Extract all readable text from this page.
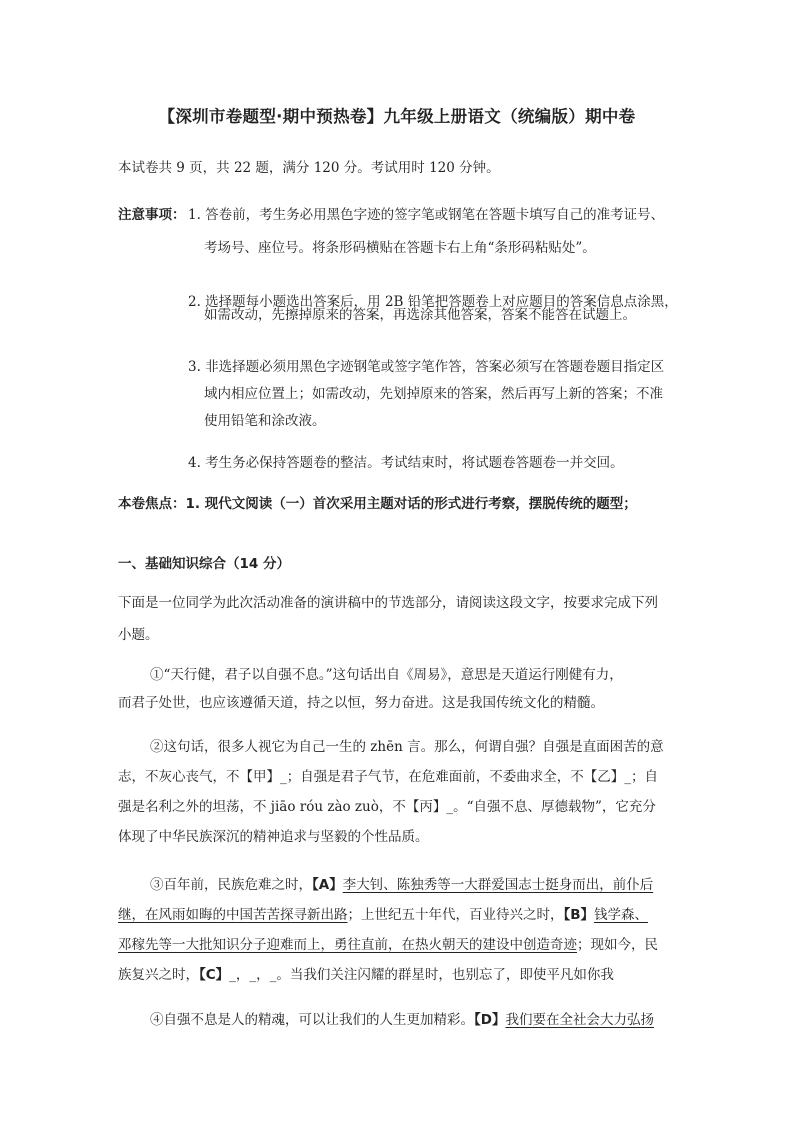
【深圳市卷题型·期中预热卷】九年级上册语文（统编版）期中卷
本试卷共 9 页，共 22 题，满分 120 分。考试用时 120 分钟。
注意事项： 1. 答卷前，考生务必用黑色字迹的签字笔或钢笔在答题卡填写自己的准考证号、
考场号、座位号。将条形码横贴在答题卡右上角“条形码粘贴处”。
2. 选择题每小题选出答案后，用 2B 铅笔把答题卷上对应题目的答案信息点涂黑，
如需改动，先擦掉原来的答案，再选涂其他答案，答案不能答在试题上。
3. 非选择题必须用黑色字迹钢笔或签字笔作答，答案必须写在答题卷题目指定区
域内相应位置上；如需改动，先划掉原来的答案，然后再写上新的答案；不准
使用铅笔和涂改液。
4. 考生务必保持答题卷的整洁。考试结束时，将试题卷答题卷一并交回。
本卷焦点：1. 现代文阅读（一）首次采用主题对话的形式进行考察，摆脱传统的题型；
一、基础知识综合（14 分）
下面是一位同学为此次活动准备的演讲稿中的节选部分，请阅读这段文字，按要求完成下列
小题。
①“天行健，君子以自强不息。”这句话出自《周易》，意思是天道运行刚健有力，
而君子处世，也应该遵循天道，持之以恒，努力奋进。这是我国传统文化的精髓。
②这句话，很多人视它为自己一生的 zhēn 言。那么，何谓自强？自强是直面困苦的意
志，不灰心丧气，不【甲】_；自强是君子气节，在危难面前，不委曲求全，不【乙】_；自
强是名利之外的坦荡，不 jiāo róu zào zuò，不【丙】_。“自强不息、厚德载物”，它充分
体现了中华民族深沉的精神追求与坚毅的个性品质。
③百年前，民族危难之时，【A】李大钊、陈独秀等一大群爱国志士挺身而出，前仆后
继，在风雨如晦的中国苦苦探寻新出路；上世纪五十年代，百业待兴之时，【B】钱学森、
邓稼先等一大批知识分子迎难而上，勇往直前，在热火朝天的建设中创造奇迹；现如今，民
族复兴之时，【C】_，_，_。当我们关注闪耀的群星时，也别忘了，即使平凡如你我
④自强不息是人的精魂，可以让我们的人生更加精彩。【D】我们要在全社会大力弘扬
